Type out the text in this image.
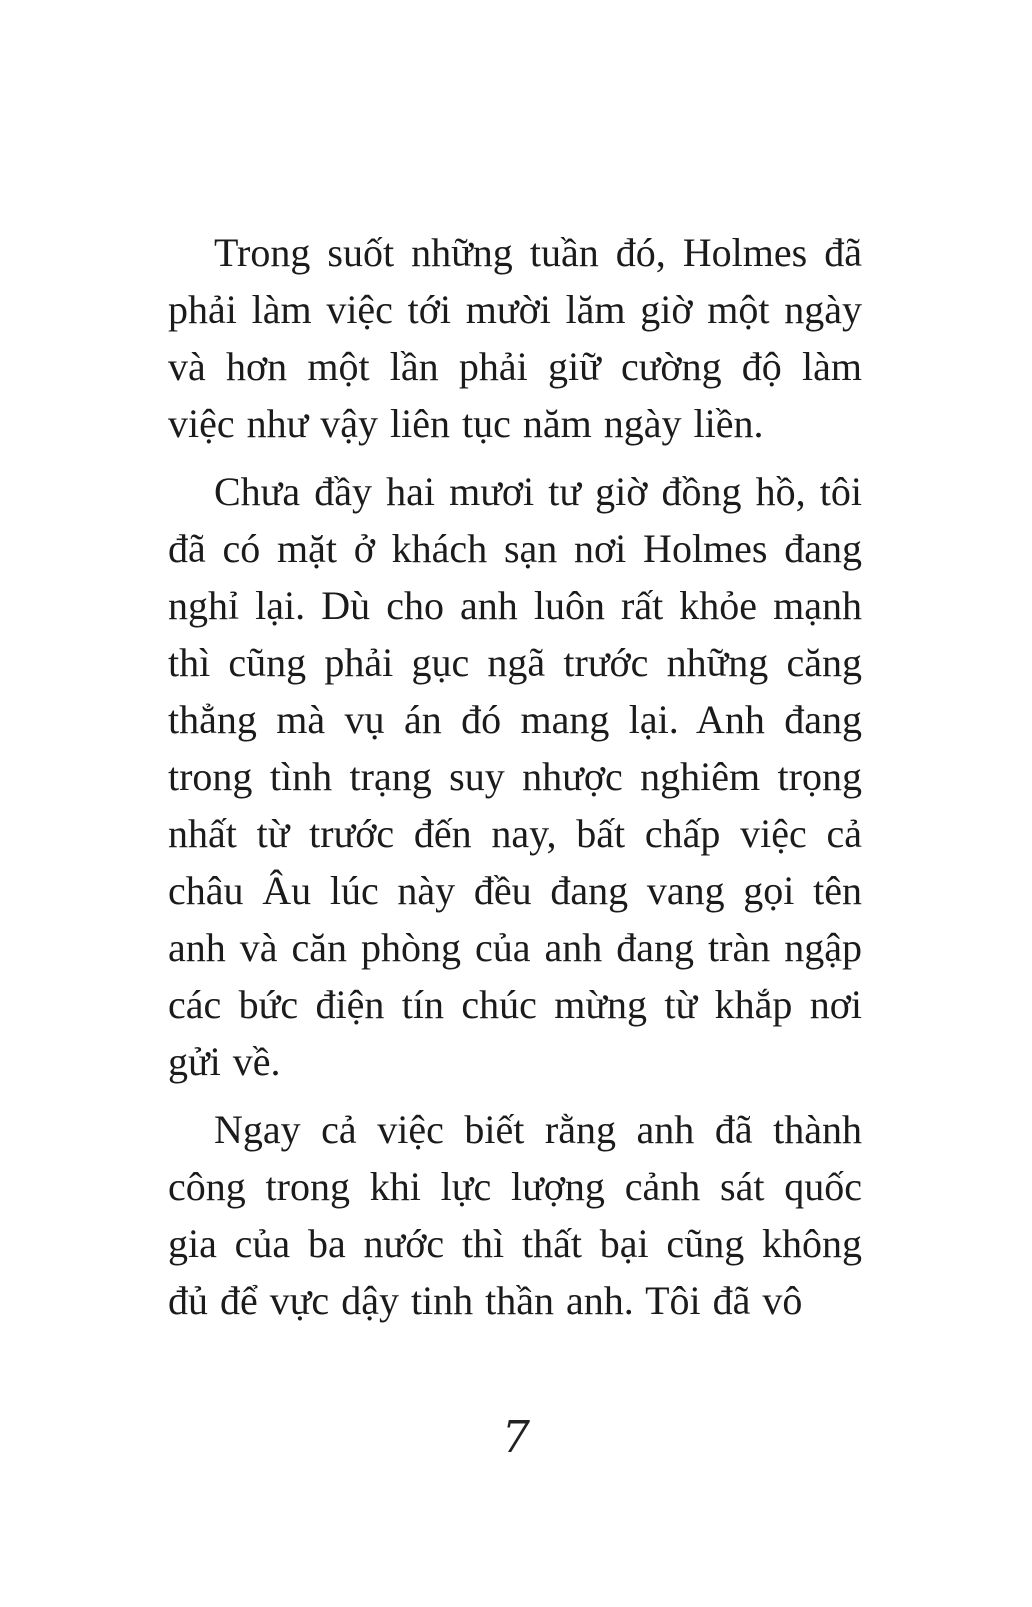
Trong suốt những tuần đó, Holmes đã phải làm việc tới mười lăm giờ một ngày và hơn một lần phải giữ cường độ làm việc như vậy liên tục năm ngày liền.

Chưa đầy hai mươi tư giờ đồng hồ, tôi đã có mặt ở khách sạn nơi Holmes đang nghỉ lại. Dù cho anh luôn rất khỏe mạnh thì cũng phải gục ngã trước những căng thẳng mà vụ án đó mang lại. Anh đang trong tình trạng suy nhược nghiêm trọng nhất từ trước đến nay, bất chấp việc cả châu Âu lúc này đều đang vang gọi tên anh và căn phòng của anh đang tràn ngập các bức điện tín chúc mừng từ khắp nơi gửi về.

Ngay cả việc biết rằng anh đã thành công trong khi lực lượng cảnh sát quốc gia của ba nước thì thất bại cũng không đủ để vực dậy tinh thần anh. Tôi đã vô

7
